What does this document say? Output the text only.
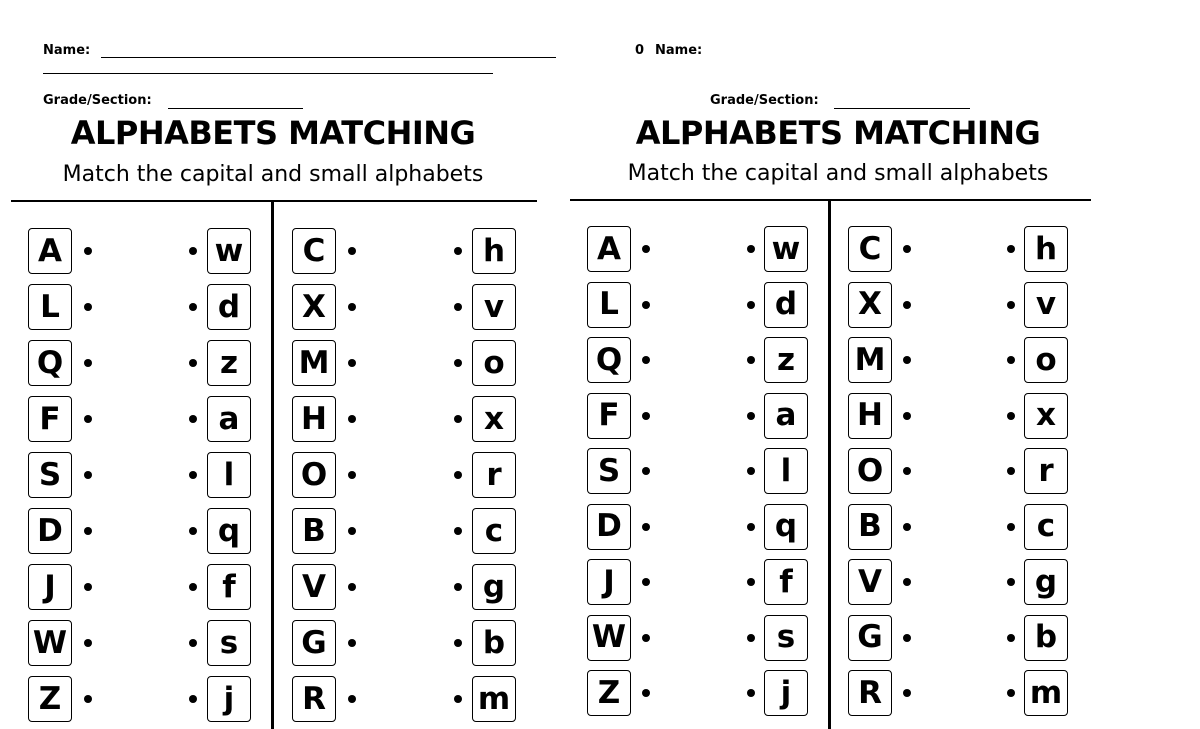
Name:
Grade/Section:
ALPHABETS MATCHING
Match the capital and small alphabets
A
L
Q
F
S
D
J
W
Z
w
d
z
a
l
q
f
s
j
C
X
M
H
O
B
V
G
R
h
v
o
x
r
c
g
b
m
0 Name:
Grade/Section:
ALPHABETS MATCHING
Match the capital and small alphabets
A
L
Q
F
S
D
J
W
Z
w
d
z
a
l
q
f
s
j
C
X
M
H
O
B
V
G
R
h
v
o
x
r
c
g
b
m
